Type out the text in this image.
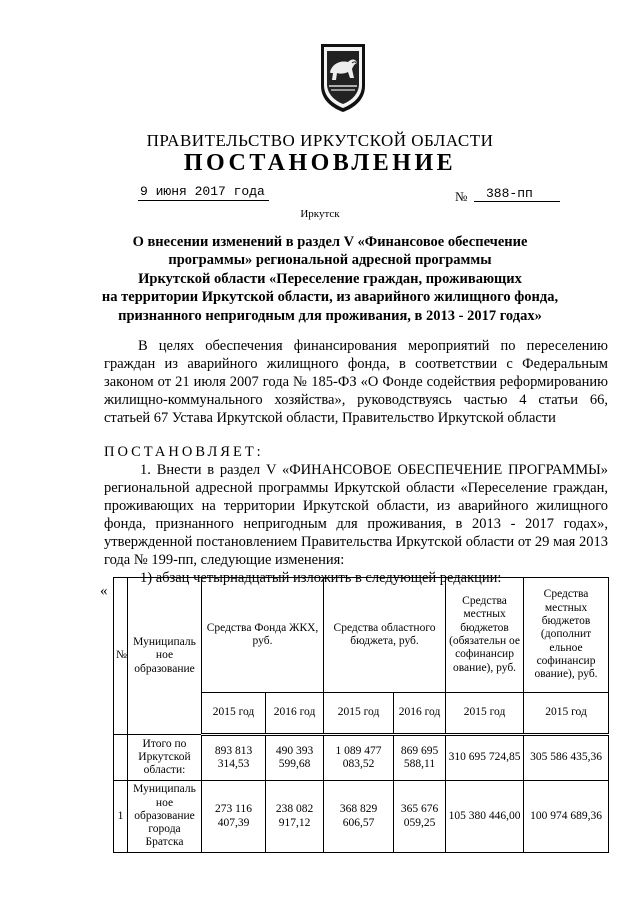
ПРАВИТЕЛЬСТВО ИРКУТСКОЙ ОБЛАСТИ
ПОСТАНОВЛЕНИЕ
9 июня 2017 года	№	388-пп
Иркутск
О внесении изменений в раздел V «Финансовое обеспечение
программы» региональной адресной программы
Иркутской области «Переселение граждан, проживающих
на территории Иркутской области, из аварийного жилищного фонда,
признанного непригодным для проживания, в 2013 - 2017 годах»
В целях обеспечения финансирования мероприятий по переселению граждан из аварийного жилищного фонда, в соответствии с Федеральным законом от 21 июля 2007 года № 185-ФЗ «О Фонде содействия реформированию жилищно-коммунального хозяйства», руководствуясь частью 4 статьи 66, статьей 67 Устава Иркутской области, Правительство Иркутской области
ПОСТАНОВЛЯЕТ:
1. Внести в раздел V «ФИНАНСОВОЕ ОБЕСПЕЧЕНИЕ ПРОГРАММЫ» региональной адресной программы Иркутской области «Переселение граждан, проживающих на территории Иркутской области, из аварийного жилищного фонда, признанного непригодным для проживания, в 2013 - 2017 годах», утвержденной постановлением Правительства Иркутской области от 29 мая 2013 года № 199-пп, следующие изменения:
1) абзац четырнадцатый изложить в следующей редакции:
«
№	Муниципаль ное образование	Средства Фонда ЖКХ, руб.		Средства областного бюджета, руб.		Средства местных бюджетов (обязательн ое софинансир ование), руб.	Средства местных бюджетов (дополнит ельное софинансир ование), руб.
		2015 год	2016 год	2015 год	2016 год	2015 год	2015 год
	Итого по Иркутской области:	893 813 314,53	490 393 599,68	1 089 477 083,52	869 695 588,11	310 695 724,85	305 586 435,36
1	Муниципаль ное образование города Братска	273 116 407,39	238 082 917,12	368 829 606,57	365 676 059,25	105 380 446,00	100 974 689,36
